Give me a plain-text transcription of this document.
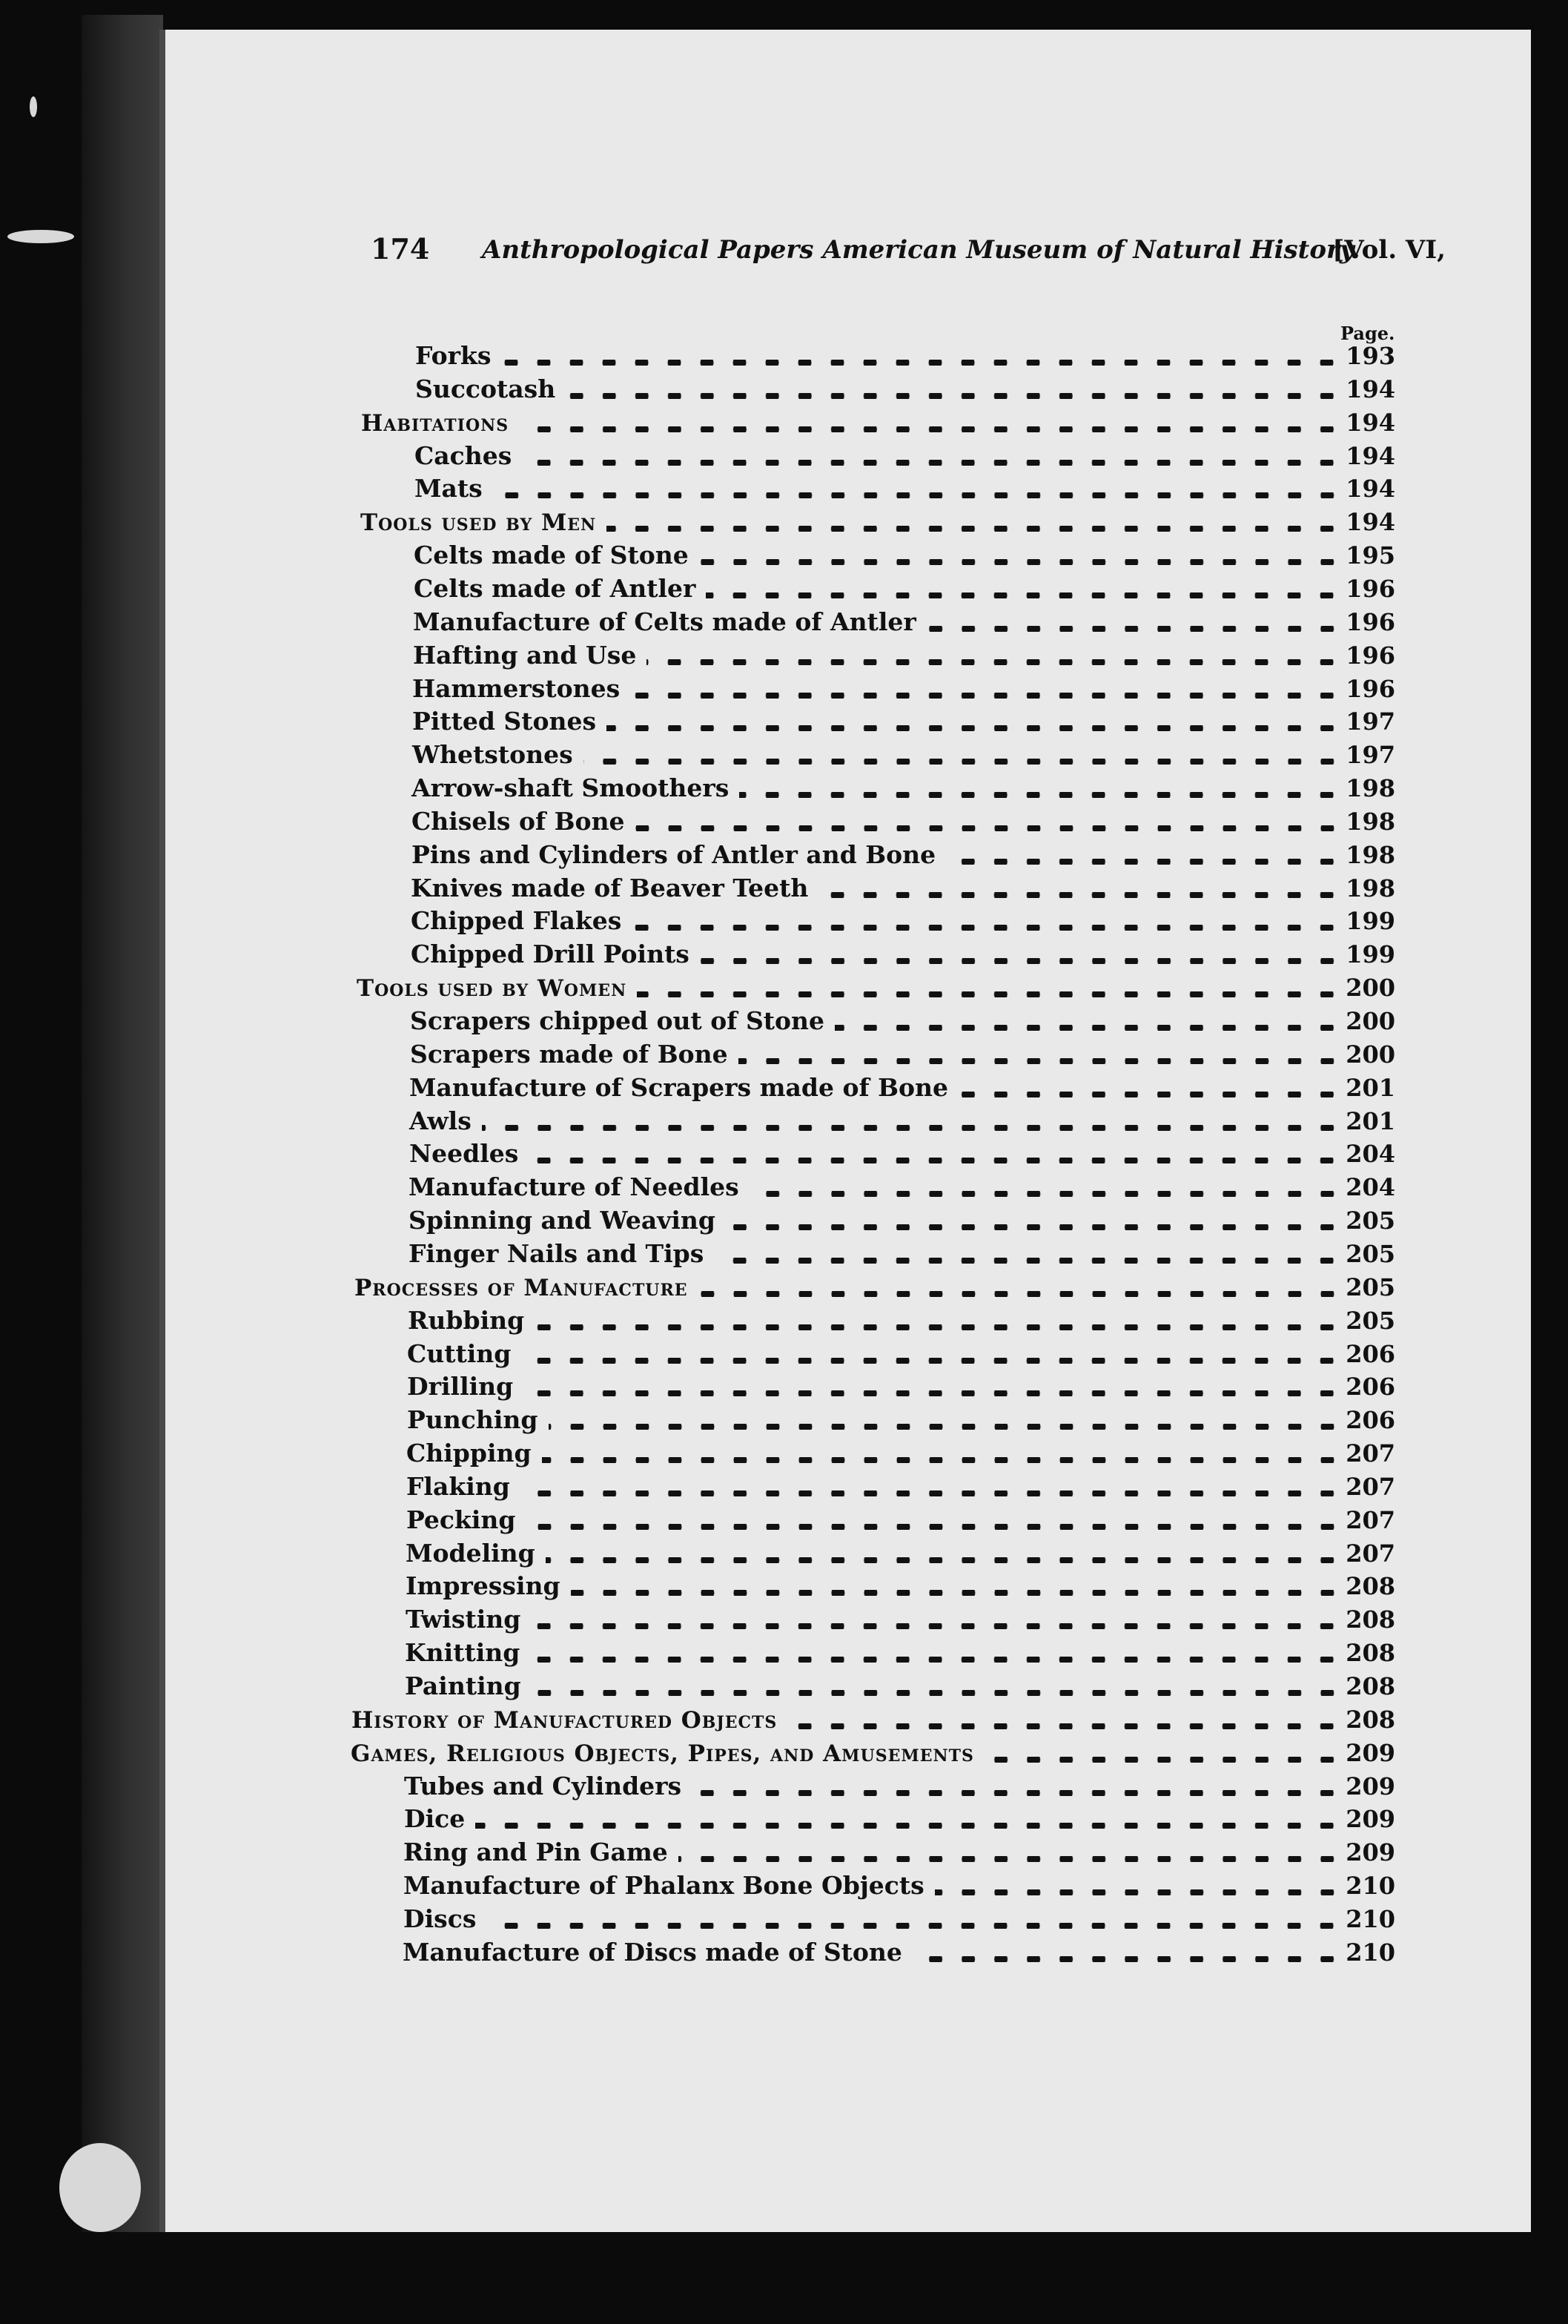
174 Anthropological Papers American Museum of Natural History.
[Vol. VI,
Page.
Forks	193
Succotash	194
Habitations	194
Caches	194
Mats	194
Tools used by Men	194
Celts made of Stone	195
Celts made of Antler	196
Manufacture of Celts made of Antler	196
Hafting and Use	196
Hammerstones	196
Pitted Stones	197
Whetstones	197
Arrow-shaft Smoothers	198
Chisels of Bone	198
Pins and Cylinders of Antler and Bone	198
Knives made of Beaver Teeth	198
Chipped Flakes	199
Chipped Drill Points	199
Tools used by Women	200
Scrapers chipped out of Stone	200
Scrapers made of Bone	200
Manufacture of Scrapers made of Bone	201
Awls	201
Needles	204
Manufacture of Needles	204
Spinning and Weaving	205
Finger Nails and Tips	205
Processes of Manufacture	205
Rubbing	205
Cutting	206
Drilling	206
Punching	206
Chipping	207
Flaking	207
Pecking	207
Modeling	207
Impressing	208
Twisting	208
Knitting	208
Painting	208
History of Manufactured Objects	208
Games, Religious Objects, Pipes, and Amusements	209
Tubes and Cylinders	209
Dice	209
Ring and Pin Game	209
Manufacture of Phalanx Bone Objects	210
Discs	210
Manufacture of Discs made of Stone	210
